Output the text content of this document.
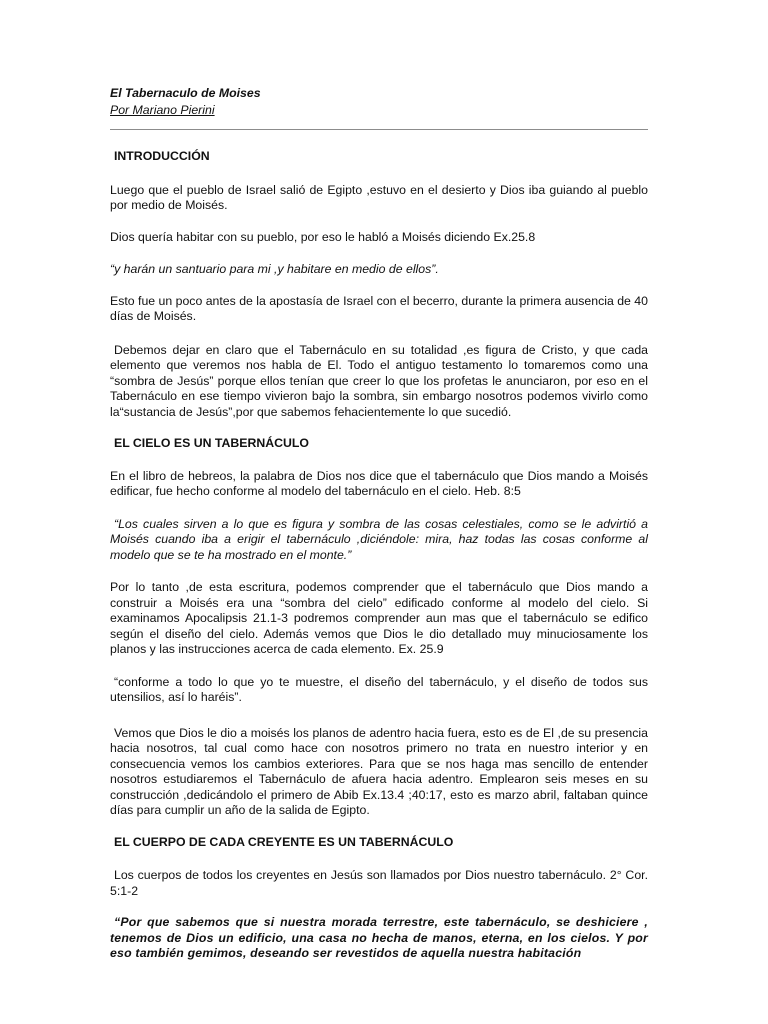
El Tabernaculo de Moises
Por Mariano Pierini
INTRODUCCIÓN

Luego que el pueblo de Israel salió de Egipto ,estuvo en el desierto y Dios iba guiando al pueblo por medio de Moisés.

Dios quería habitar con su pueblo, por eso le habló a Moisés diciendo Ex.25.8

“y harán un santuario para mi ,y habitare en medio de ellos”.

Esto fue un poco antes de la apostasía de Israel con el becerro, durante la primera ausencia de 40 días de Moisés.

Debemos dejar en claro que el Tabernáculo en su totalidad ,es figura de Cristo, y que cada elemento que veremos nos habla de El. Todo el antiguo testamento lo tomaremos como una “sombra de Jesús” porque ellos tenían que creer lo que los profetas le anunciaron, por eso en el Tabernáculo en ese tiempo vivieron bajo la sombra, sin embargo nosotros podemos vivirlo como la“sustancia de Jesús”,por que sabemos fehacientemente lo que sucedió.

EL CIELO ES UN TABERNÁCULO

En el libro de hebreos, la palabra de Dios nos dice que el tabernáculo que Dios mando a Moisés edificar, fue hecho conforme al modelo del tabernáculo en el cielo. Heb. 8:5

“Los cuales sirven a lo que es figura y sombra de las cosas celestiales, como se le advirtió a Moisés cuando iba a erigir el tabernáculo ,diciéndole: mira, haz todas las cosas conforme al modelo que se te ha mostrado en el monte.”

Por lo tanto ,de esta escritura, podemos comprender que el tabernáculo que Dios mando a construir a Moisés era una “sombra del cielo” edificado conforme al modelo del cielo. Si examinamos Apocalipsis 21.1-3 podremos comprender aun mas que el tabernáculo se edifico según el diseño del cielo. Además vemos que Dios le dio detallado muy minuciosamente los planos y las instrucciones acerca de cada elemento. Ex. 25.9

“conforme a todo lo que yo te muestre, el diseño del tabernáculo, y el diseño de todos sus utensilios, así lo haréis”.

Vemos que Dios le dio a moisés los planos de adentro hacia fuera, esto es de El ,de su presencia hacia nosotros, tal cual como hace con nosotros primero no trata en nuestro interior y en consecuencia vemos los cambios exteriores. Para que se nos haga mas sencillo de entender nosotros estudiaremos el Tabernáculo de afuera hacia adentro. Emplearon seis meses en su construcción ,dedicándolo el primero de Abib Ex.13.4 ;40:17, esto es marzo abril, faltaban quince días para cumplir un año de la salida de Egipto.

EL CUERPO DE CADA CREYENTE ES UN TABERNÁCULO

Los cuerpos de todos los creyentes en Jesús son llamados por Dios nuestro tabernáculo. 2° Cor. 5:1-2

“Por que sabemos que si nuestra morada terrestre, este tabernáculo, se deshiciere , tenemos de Dios un edificio, una casa no hecha de manos, eterna, en los cielos. Y por eso también gemimos, deseando ser revestidos de aquella nuestra habitación
